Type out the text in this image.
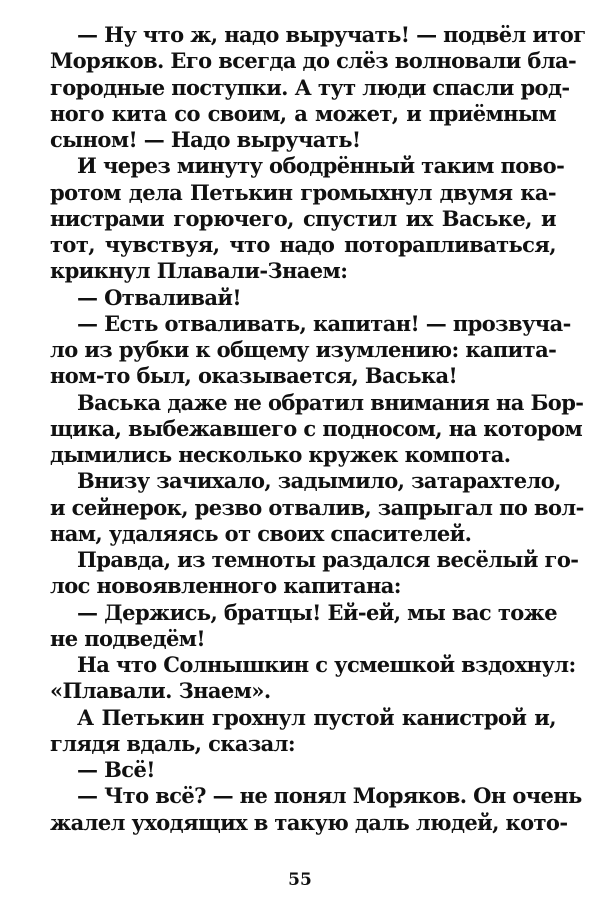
— Ну что ж, надо выручать! — подвёл итог
Моряков. Его всегда до слёз волновали бла-
городные поступки. А тут люди спасли род-
ного кита со своим, а может, и приёмным
сыном! — Надо выручать!
И через минуту ободрённый таким пово-
ротом дела Петькин громыхнул двумя ка-
нистрами горючего, спустил их Ваське, и
тот, чувствуя, что надо поторапливаться,
крикнул Плавали-Знаем:
— Отваливай!
— Есть отваливать, капитан! — прозвуча-
ло из рубки к общему изумлению: капита-
ном-то был, оказывается, Васька!
Васька даже не обратил внимания на Бор-
щика, выбежавшего с подносом, на котором
дымились несколько кружек компота.
Внизу зачихало, задымило, затарахтело,
и сейнерок, резво отвалив, запрыгал по вол-
нам, удаляясь от своих спасителей.
Правда, из темноты раздался весёлый го-
лос новоявленного капитана:
— Держись, братцы! Ей-ей, мы вас тоже
не подведём!
На что Солнышкин с усмешкой вздохнул:
«Плавали. Знаем».
А Петькин грохнул пустой канистрой и,
глядя вдаль, сказал:
— Всё!
— Что всё? — не понял Моряков. Он очень
жалел уходящих в такую даль людей, кото-
55
